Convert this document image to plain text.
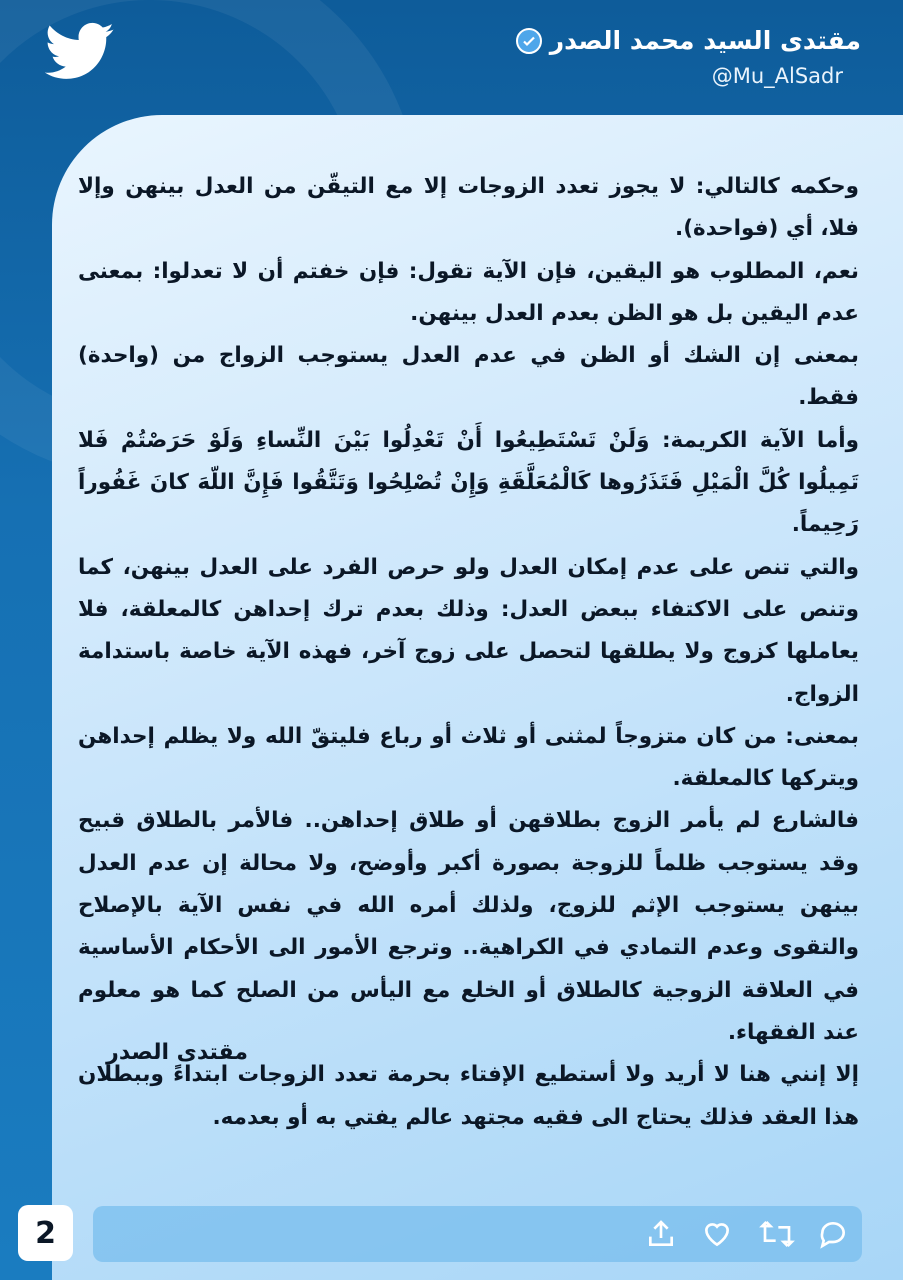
مقتدى السيد محمد الصدر
@Mu_AlSadr

وحكمه كالتالي: لا يجوز تعدد الزوجات إلا مع التيقّن من العدل بينهن وإلا فلا، أي (فواحدة).

نعم، المطلوب هو اليقين، فإن الآية تقول: فإن خفتم أن لا تعدلوا: بمعنى عدم اليقين بل هو الظن بعدم العدل بينهن.

بمعنى إن الشك أو الظن في عدم العدل يستوجب الزواج من (واحدة) فقط.

وأما الآية الكريمة: وَلَنْ تَسْتَطِيعُوا أَنْ تَعْدِلُوا بَيْنَ النِّساءِ وَلَوْ حَرَصْتُمْ فَلا تَمِيلُوا كُلَّ الْمَيْلِ فَتَذَرُوها كَالْمُعَلَّقَةِ وَإِنْ تُصْلِحُوا وَتَتَّقُوا فَإِنَّ اللّهَ كانَ غَفُوراً رَحِيماً.

والتي تنص على عدم إمكان العدل ولو حرص الفرد على العدل بينهن، كما وتنص على الاكتفاء ببعض العدل: وذلك بعدم ترك إحداهن كالمعلقة، فلا يعاملها كزوج ولا يطلقها لتحصل على زوج آخر، فهذه الآية خاصة باستدامة الزواج.

بمعنى: من كان متزوجاً لمثنى أو ثلاث أو رباع فليتقّ الله ولا يظلم إحداهن ويتركها كالمعلقة.

فالشارع لم يأمر الزوج بطلاقهن أو طلاق إحداهن.. فالأمر بالطلاق قبيح وقد يستوجب ظلماً للزوجة بصورة أكبر وأوضح، ولا محالة إن عدم العدل بينهن يستوجب الإثم للزوج، ولذلك أمره الله في نفس الآية بالإصلاح والتقوى وعدم التمادي في الكراهية.. وترجع الأمور الى الأحكام الأساسية في العلاقة الزوجية كالطلاق أو الخلع مع اليأس من الصلح كما هو معلوم عند الفقهاء.

إلا إنني هنا لا أريد ولا أستطيع الإفتاء بحرمة تعدد الزوجات ابتداءً وببطلان هذا العقد فذلك يحتاج الى فقيه مجتهد عالم يفتي به أو بعدمه.

مقتدى الصدر
2
